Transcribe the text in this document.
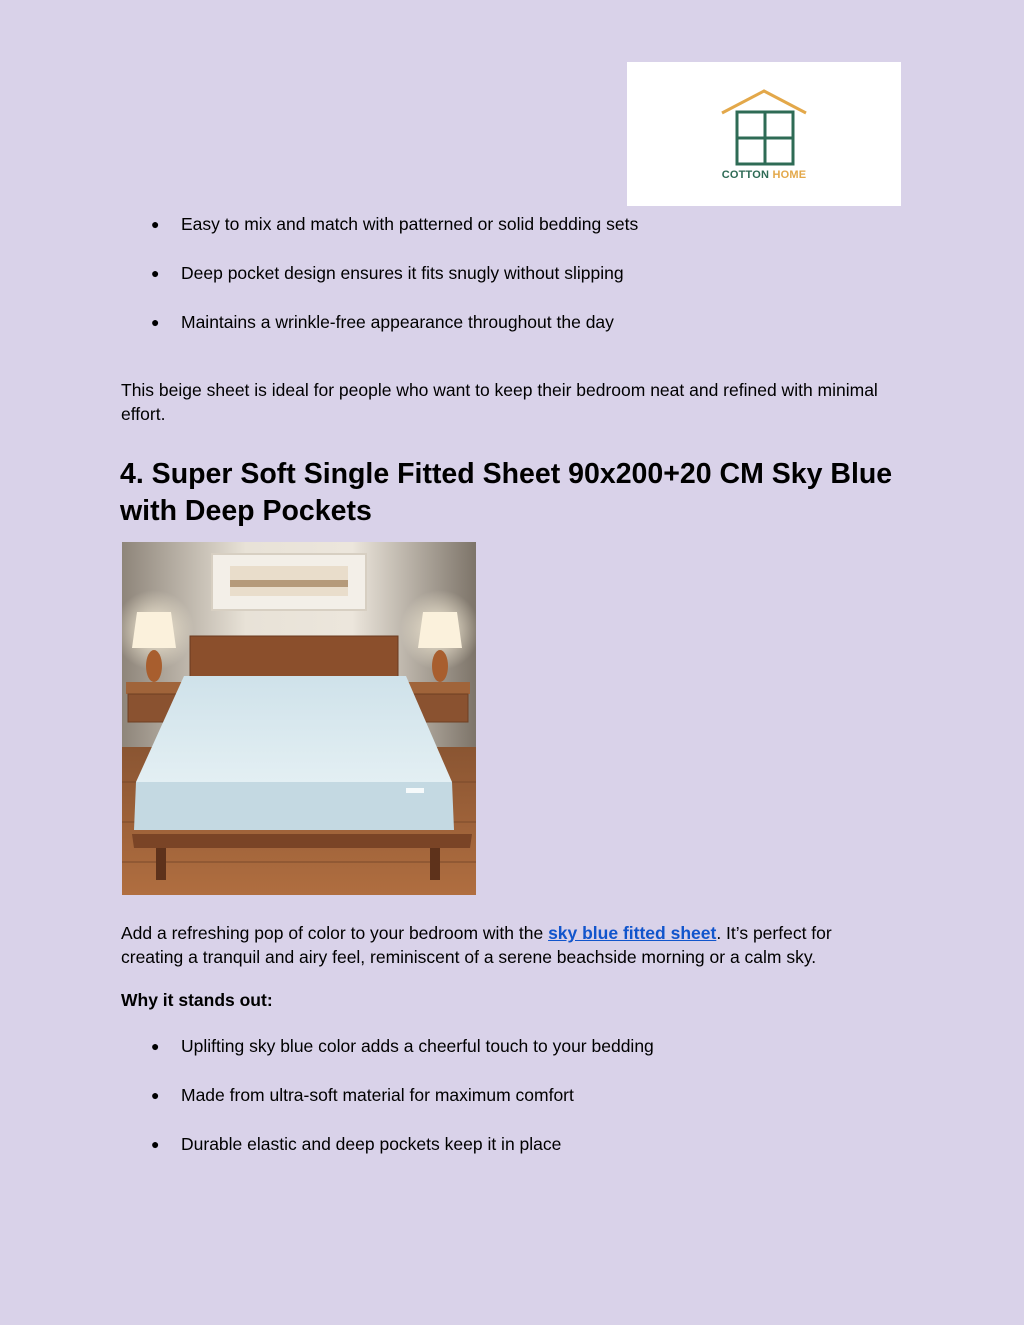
COTTON HOME
● Easy to mix and match with patterned or solid bedding sets
● Deep pocket design ensures it fits snugly without slipping
● Maintains a wrinkle-free appearance throughout the day

This beige sheet is ideal for people who want to keep their bedroom neat and refined with minimal effort.

4. Super Soft Single Fitted Sheet 90x200+20 CM Sky Blue with Deep Pockets

Add a refreshing pop of color to your bedroom with the sky blue fitted sheet. It’s perfect for creating a tranquil and airy feel, reminiscent of a serene beachside morning or a calm sky.

Why it stands out:

● Uplifting sky blue color adds a cheerful touch to your bedding
● Made from ultra-soft material for maximum comfort
● Durable elastic and deep pockets keep it in place
